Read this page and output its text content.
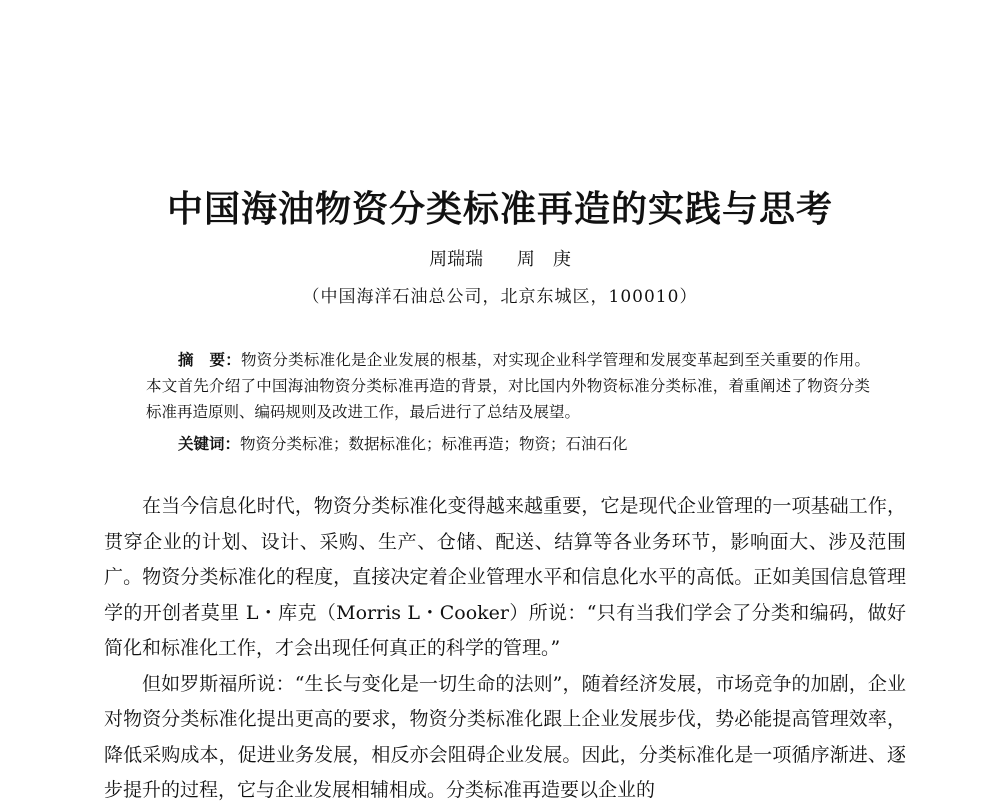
中国海油物资分类标准再造的实践与思考
周瑞瑞 周　庚
（中国海洋石油总公司，北京东城区，100010）

摘　要：物资分类标准化是企业发展的根基，对实现企业科学管理和发展变革起到至关重要的作用。本文首先介绍了中国海油物资分类标准再造的背景，对比国内外物资标准分类标准，着重阐述了物资分类标准再造原则、编码规则及改进工作，最后进行了总结及展望。

关键词：物资分类标准；数据标准化；标准再造；物资；石油石化

在当今信息化时代，物资分类标准化变得越来越重要，它是现代企业管理的一项基础工作，贯穿企业的计划、设计、采购、生产、仓储、配送、结算等各业务环节，影响面大、涉及范围广。物资分类标准化的程度，直接决定着企业管理水平和信息化水平的高低。正如美国信息管理学的开创者莫里 L・库克（Morris L・Cooker）所说：“只有当我们学会了分类和编码，做好简化和标准化工作，才会出现任何真正的科学的管理。”

但如罗斯福所说：“生长与变化是一切生命的法则”，随着经济发展，市场竞争的加剧，企业对物资分类标准化提出更高的要求，物资分类标准化跟上企业发展步伐，势必能提高管理效率，降低采购成本，促进业务发展，相反亦会阻碍企业发展。因此，分类标准化是一项循序渐进、逐步提升的过程，它与企业发展相辅相成。分类标准再造要以企业的
